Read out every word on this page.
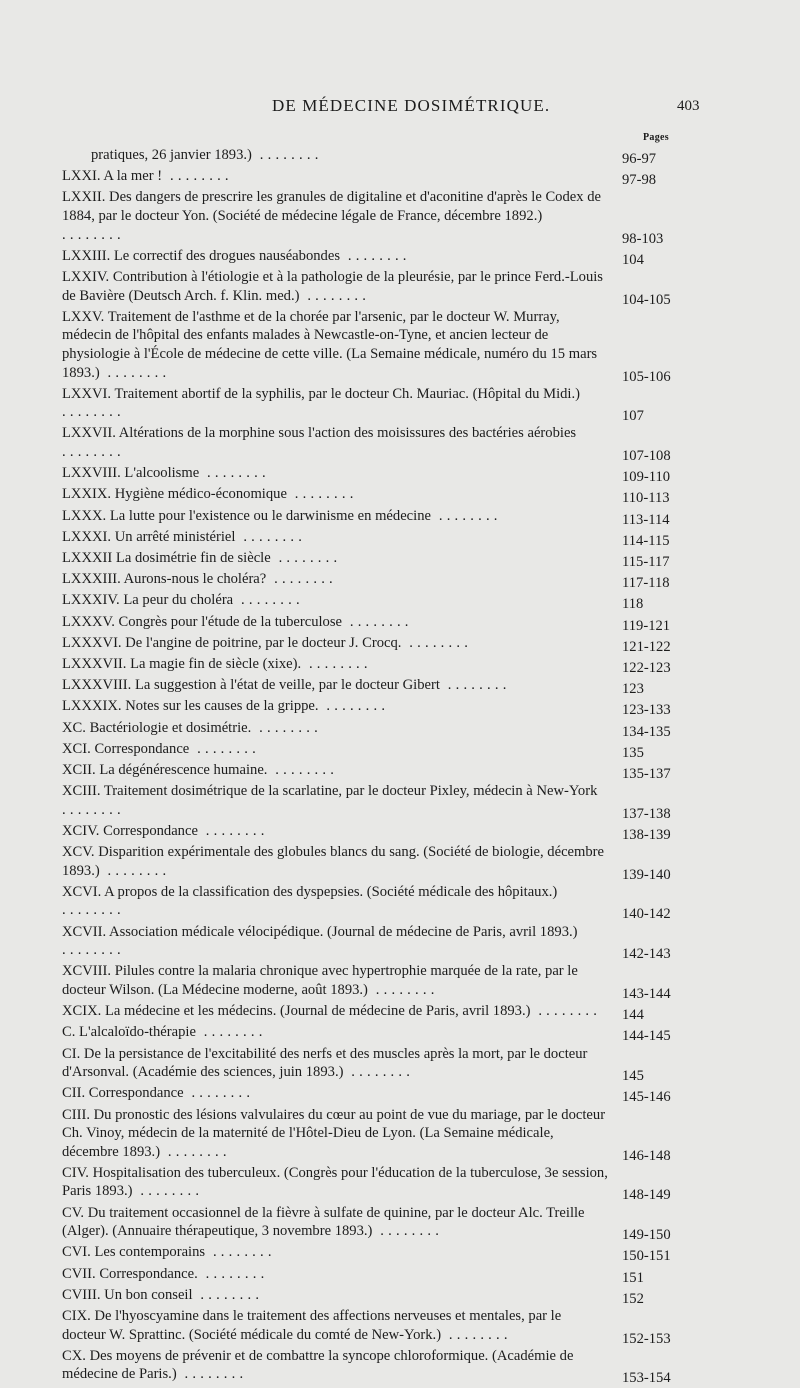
DE MÉDECINE DOSIMÉTRIQUE.	403
Pages
pratiques, 26 janvier 1893.) ........	96-97
LXXI. A la mer ! ........	97-98
LXXII. Des dangers de prescrire les granules de digitaline et d'aconitine d'après le Codex de 1884, par le docteur Yon. (Société de médecine légale de France, décembre 1892.) ........	98-103
LXXIII. Le correctif des drogues nauséabondes ........	104
LXXIV. Contribution à l'étiologie et à la pathologie de la pleurésie, par le prince Ferd.-Louis de Bavière (Deutsch Arch. f. Klin. med.) ........	104-105
LXXV. Traitement de l'asthme et de la chorée par l'arsenic, par le docteur W. Murray, médecin de l'hôpital des enfants malades à Newcastle-on-Tyne, et ancien lecteur de physiologie à l'École de médecine de cette ville. (La Semaine médicale, numéro du 15 mars 1893.) ........	105-106
LXXVI. Traitement abortif de la syphilis, par le docteur Ch. Mauriac. (Hôpital du Midi.) ........	107
LXXVII. Altérations de la morphine sous l'action des moisissures des bactéries aérobies ........	107-108
LXXVIII. L'alcoolisme ........	109-110
LXXIX. Hygiène médico-économique ........	110-113
LXXX. La lutte pour l'existence ou le darwinisme en médecine ........	113-114
LXXXI. Un arrêté ministériel ........	114-115
LXXXII La dosimétrie fin de siècle ........	115-117
LXXXIII. Aurons-nous le choléra? ........	117-118
LXXXIV. La peur du choléra ........	118
LXXXV. Congrès pour l'étude de la tuberculose ........	119-121
LXXXVI. De l'angine de poitrine, par le docteur J. Crocq. ........	121-122
LXXXVII. La magie fin de siècle (xixe). ........	122-123
LXXXVIII. La suggestion à l'état de veille, par le docteur Gibert ........	123
LXXXIX. Notes sur les causes de la grippe. ........	123-133
XC. Bactériologie et dosimétrie. ........	134-135
XCI. Correspondance ........	135
XCII. La dégénérescence humaine. ........	135-137
XCIII. Traitement dosimétrique de la scarlatine, par le docteur Pixley, médecin à New-York ........	137-138
XCIV. Correspondance ........	138-139
XCV. Disparition expérimentale des globules blancs du sang. (Société de biologie, décembre 1893.) ........	139-140
XCVI. A propos de la classification des dyspepsies. (Société médicale des hôpitaux.) ........	140-142
XCVII. Association médicale vélocipédique. (Journal de médecine de Paris, avril 1893.) ........	142-143
XCVIII. Pilules contre la malaria chronique avec hypertrophie marquée de la rate, par le docteur Wilson. (La Médecine moderne, août 1893.) ........	143-144
XCIX. La médecine et les médecins. (Journal de médecine de Paris, avril 1893.) ........	144
C. L'alcaloïdo-thérapie ........	144-145
CI. De la persistance de l'excitabilité des nerfs et des muscles après la mort, par le docteur d'Arsonval. (Académie des sciences, juin 1893.) ........	145
CII. Correspondance ........	145-146
CIII. Du pronostic des lésions valvulaires du cœur au point de vue du mariage, par le docteur Ch. Vinoy, médecin de la maternité de l'Hôtel-Dieu de Lyon. (La Semaine médicale, décembre 1893.) ........	146-148
CIV. Hospitalisation des tuberculeux. (Congrès pour l'éducation de la tuberculose, 3e session, Paris 1893.) ........	148-149
CV. Du traitement occasionnel de la fièvre à sulfate de quinine, par le docteur Alc. Treille (Alger). (Annuaire thérapeutique, 3 novembre 1893.) ........	149-150
CVI. Les contemporains ........	150-151
CVII. Correspondance. ........	151
CVIII. Un bon conseil ........	152
CIX. De l'hyoscyamine dans le traitement des affections nerveuses et mentales, par le docteur W. Sprattinc. (Société médicale du comté de New-York.) ........	152-153
CX. Des moyens de prévenir et de combattre la syncope chloroformique. (Académie de médecine de Paris.) ........	153-154
